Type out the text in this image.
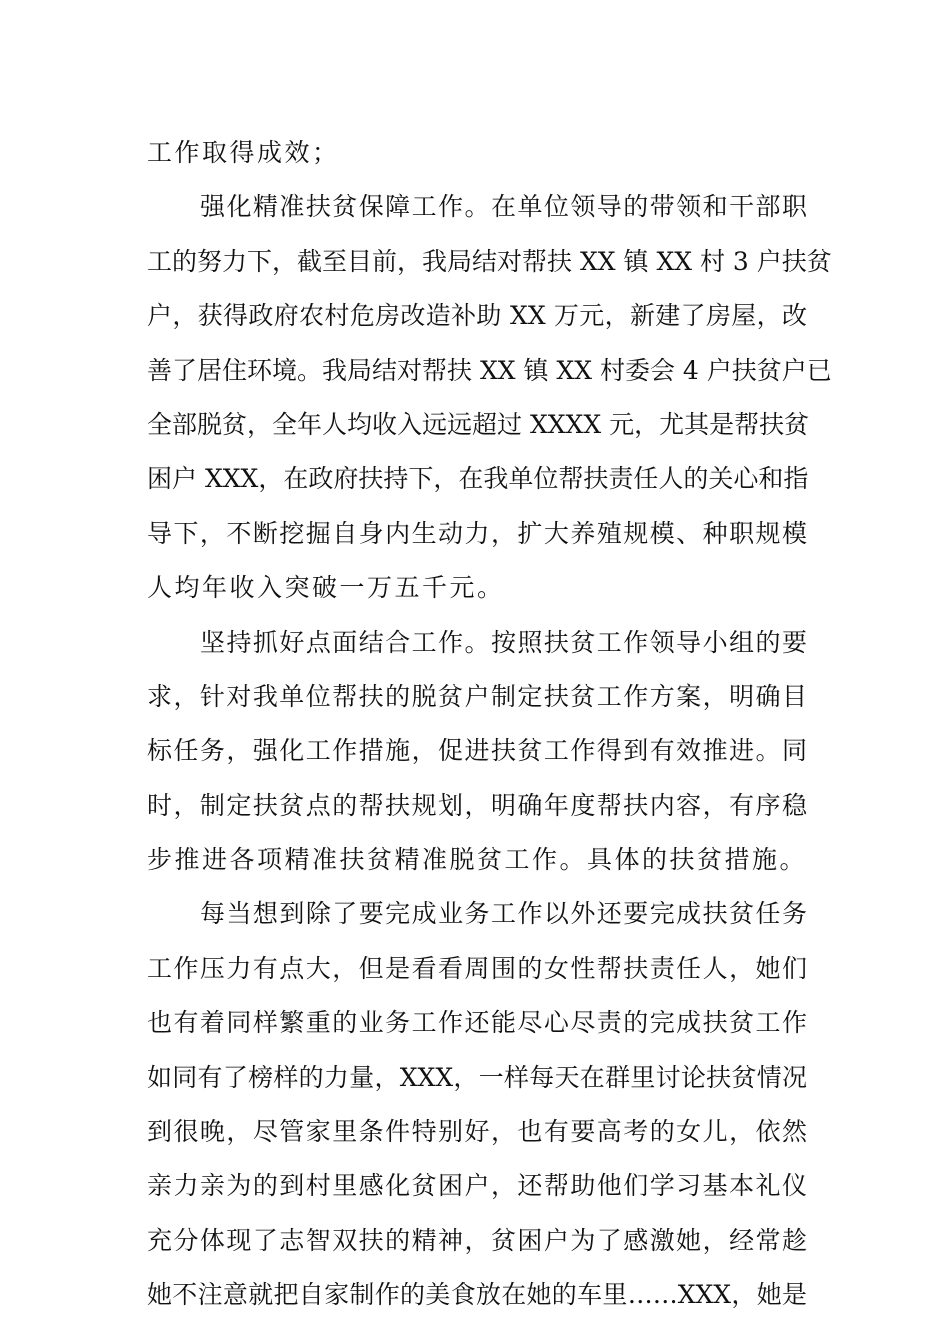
工作取得成效；
强化精准扶贫保障工作。在单位领导的带领和干部职
工的努力下，截至目前，我局结对帮扶 XX 镇 XX 村 3 户扶贫
户，获得政府农村危房改造补助 XX 万元，新建了房屋，改
善了居住环境。我局结对帮扶 XX 镇 XX 村委会 4 户扶贫户已
全部脱贫，全年人均收入远远超过 XXXX 元，尤其是帮扶贫
困户 XXX，在政府扶持下，在我单位帮扶责任人的关心和指
导下，不断挖掘自身内生动力，扩大养殖规模、种职规模
人均年收入突破一万五千元。
坚持抓好点面结合工作。按照扶贫工作领导小组的要
求，针对我单位帮扶的脱贫户制定扶贫工作方案，明确目
标任务，强化工作措施，促进扶贫工作得到有效推进。同
时，制定扶贫点的帮扶规划，明确年度帮扶内容，有序稳
步推进各项精准扶贫精准脱贫工作。具体的扶贫措施。
每当想到除了要完成业务工作以外还要完成扶贫任务
工作压力有点大，但是看看周围的女性帮扶责任人，她们
也有着同样繁重的业务工作还能尽心尽责的完成扶贫工作
如同有了榜样的力量，XXX，一样每天在群里讨论扶贫情况
到很晚，尽管家里条件特别好，也有要高考的女儿，依然
亲力亲为的到村里感化贫困户，还帮助他们学习基本礼仪
充分体现了志智双扶的精神，贫困户为了感激她，经常趁
她不注意就把自家制作的美食放在她的车里……XXX，她是
